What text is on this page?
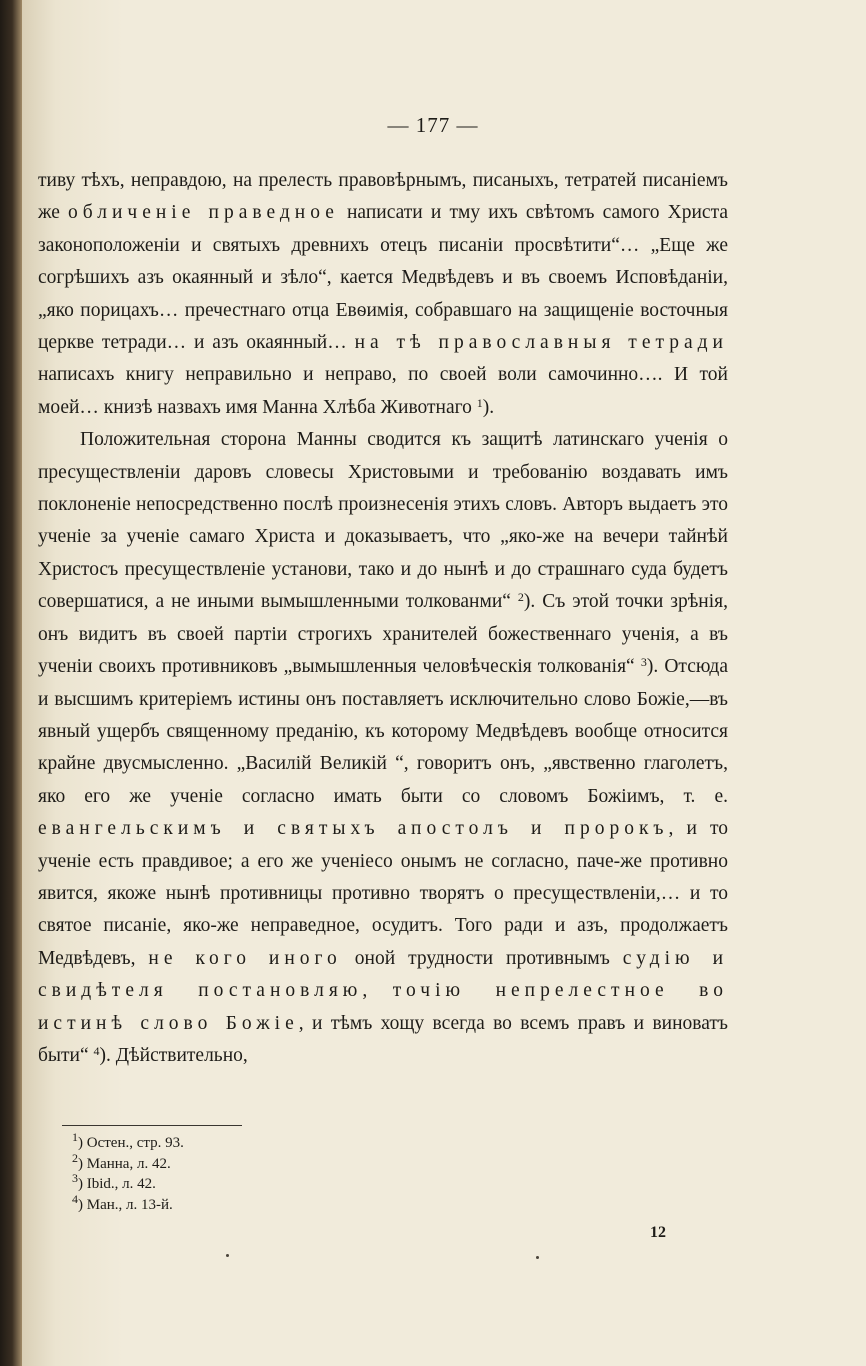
— 177 —

тиву тѣхъ, неправдою, на прелесть правовѣрнымъ, писаныхъ, тетратей писаніемъ же обличеніе праведное написати и тму ихъ свѣтомъ самого Христа законоположеніи и святыхъ древнихъ отецъ писаніи просвѣтити“… „Еще же согрѣшихъ азъ окаянный и зѣло“, кается Медвѣдевъ и въ своемъ Исповѣданіи, „яко порицахъ… пречестнаго отца Евѳимія, собравшаго на защищеніе восточныя церкве тетради… и азъ окаянный… на тѣ православныя тетради написахъ книгу неправильно и неправо, по своей воли самочинно…. И той моей… книзѣ назвахъ имя Манна Хлѣба Животнаго $^1$).

Положительная сторона Манны сводится къ защитѣ латинскаго ученія о пресуществленіи даровъ словесы Христовыми и требованію воздавать имъ поклоненіе непосредственно послѣ произнесенія этихъ словъ. Авторъ выдаетъ это ученіе за ученіе самаго Христа и доказываетъ, что „яко-же на вечери тайнѣй Христосъ пресуществленіе установи, тако и до нынѣ и до страшнаго суда будетъ совершатися, а не иными вымышленными толкованми“ $^2$). Съ этой точки зрѣнія, онъ видитъ въ своей партіи строгихъ хранителей божественнаго ученія, а въ ученіи своихъ противниковъ „вымышленныя человѣческія толкованія“ $^3$). Отсюда и высшимъ критеріемъ истины онъ поставляетъ исключительно слово Божіе,—въ явный ущербъ священному преданію, къ которому Медвѣдевъ вообще относится крайне двусмысленно. „Василій Великій “, говоритъ онъ, „явственно глаголетъ, яко его же ученіе согласно имать быти со словомъ Божіимъ, т. е. евангельскимъ и святыхъ апостолъ и пророкъ, и то ученіе есть правдивое; а его же ученіесо онымъ не согласно, паче-же противно явится, якоже нынѣ противницы противно творятъ о пресуществленіи,… и то святое писаніе, яко-же неправедное, осудитъ. Того ради и азъ, продолжаетъ Медвѣдевъ, не кого иного оной трудности противнымъ судію и свидѣтеля постановляю, точію непрелестное во истинѣ слово Божіе, и тѣмъ хощу всегда во всемъ правъ и виноватъ быти“ $^4$). Дѣйствительно,

$^1$) Остен., стр. 93.
$^2$) Манна, л. 42.
$^3$) Ibid., л. 42.
$^4$) Ман., л. 13-й.
12
